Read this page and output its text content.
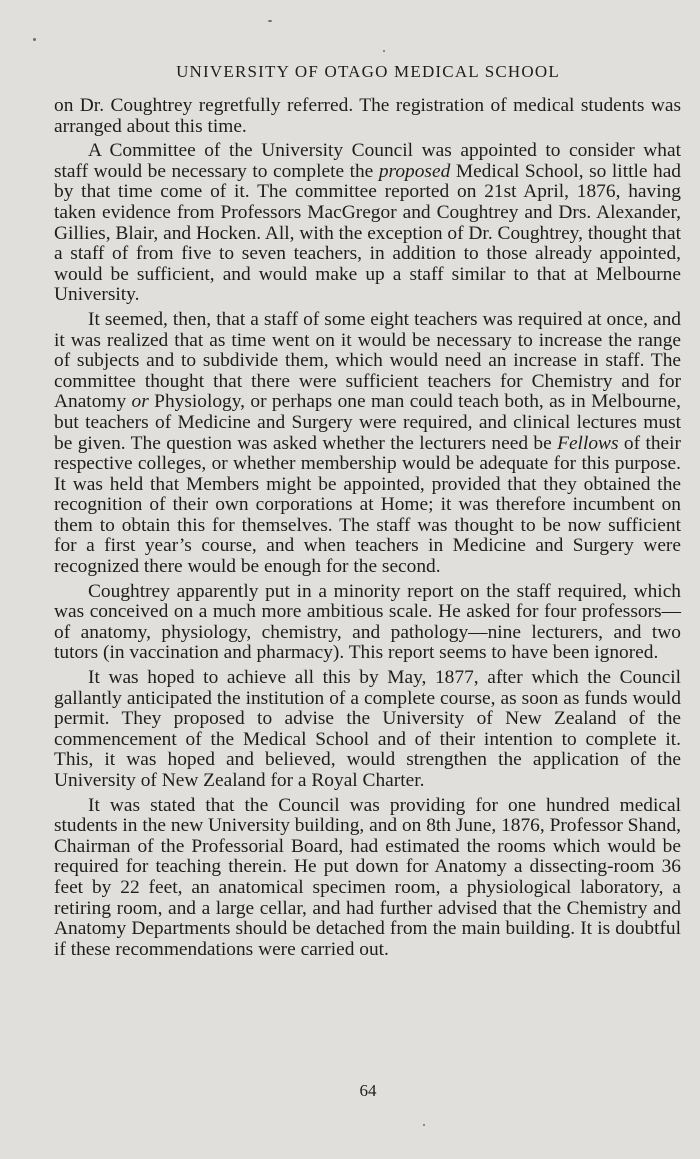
UNIVERSITY OF OTAGO MEDICAL SCHOOL

on Dr. Coughtrey regretfully referred. The registration of medical students was arranged about this time.

A Committee of the University Council was appointed to consider what staff would be necessary to complete the proposed Medical School, so little had by that time come of it. The committee reported on 21st April, 1876, having taken evidence from Professors MacGregor and Coughtrey and Drs. Alexander, Gillies, Blair, and Hocken. All, with the exception of Dr. Coughtrey, thought that a staff of from five to seven teachers, in addition to those already appointed, would be sufficient, and would make up a staff similar to that at Melbourne University.

It seemed, then, that a staff of some eight teachers was required at once, and it was realized that as time went on it would be necessary to increase the range of subjects and to subdivide them, which would need an increase in staff. The committee thought that there were sufficient teachers for Chemistry and for Anatomy or Physiology, or perhaps one man could teach both, as in Melbourne, but teachers of Medicine and Surgery were required, and clinical lectures must be given. The question was asked whether the lecturers need be Fellows of their respective colleges, or whether membership would be adequate for this purpose. It was held that Members might be appointed, provided that they obtained the recognition of their own corporations at Home; it was therefore incumbent on them to obtain this for themselves. The staff was thought to be now sufficient for a first year’s course, and when teachers in Medicine and Surgery were recognized there would be enough for the second.

Coughtrey apparently put in a minority report on the staff required, which was conceived on a much more ambitious scale. He asked for four professors—of anatomy, physiology, chemistry, and pathology—nine lecturers, and two tutors (in vaccination and pharmacy). This report seems to have been ignored.

It was hoped to achieve all this by May, 1877, after which the Council gallantly anticipated the institution of a complete course, as soon as funds would permit. They proposed to advise the University of New Zealand of the commencement of the Medical School and of their intention to complete it. This, it was hoped and believed, would strengthen the application of the University of New Zealand for a Royal Charter.

It was stated that the Council was providing for one hundred medical students in the new University building, and on 8th June, 1876, Professor Shand, Chairman of the Professorial Board, had estimated the rooms which would be required for teaching therein. He put down for Anatomy a dissecting-room 36 feet by 22 feet, an anatomical specimen room, a physiological laboratory, a retiring room, and a large cellar, and had further advised that the Chemistry and Anatomy Departments should be detached from the main building. It is doubtful if these recommendations were carried out.

64
